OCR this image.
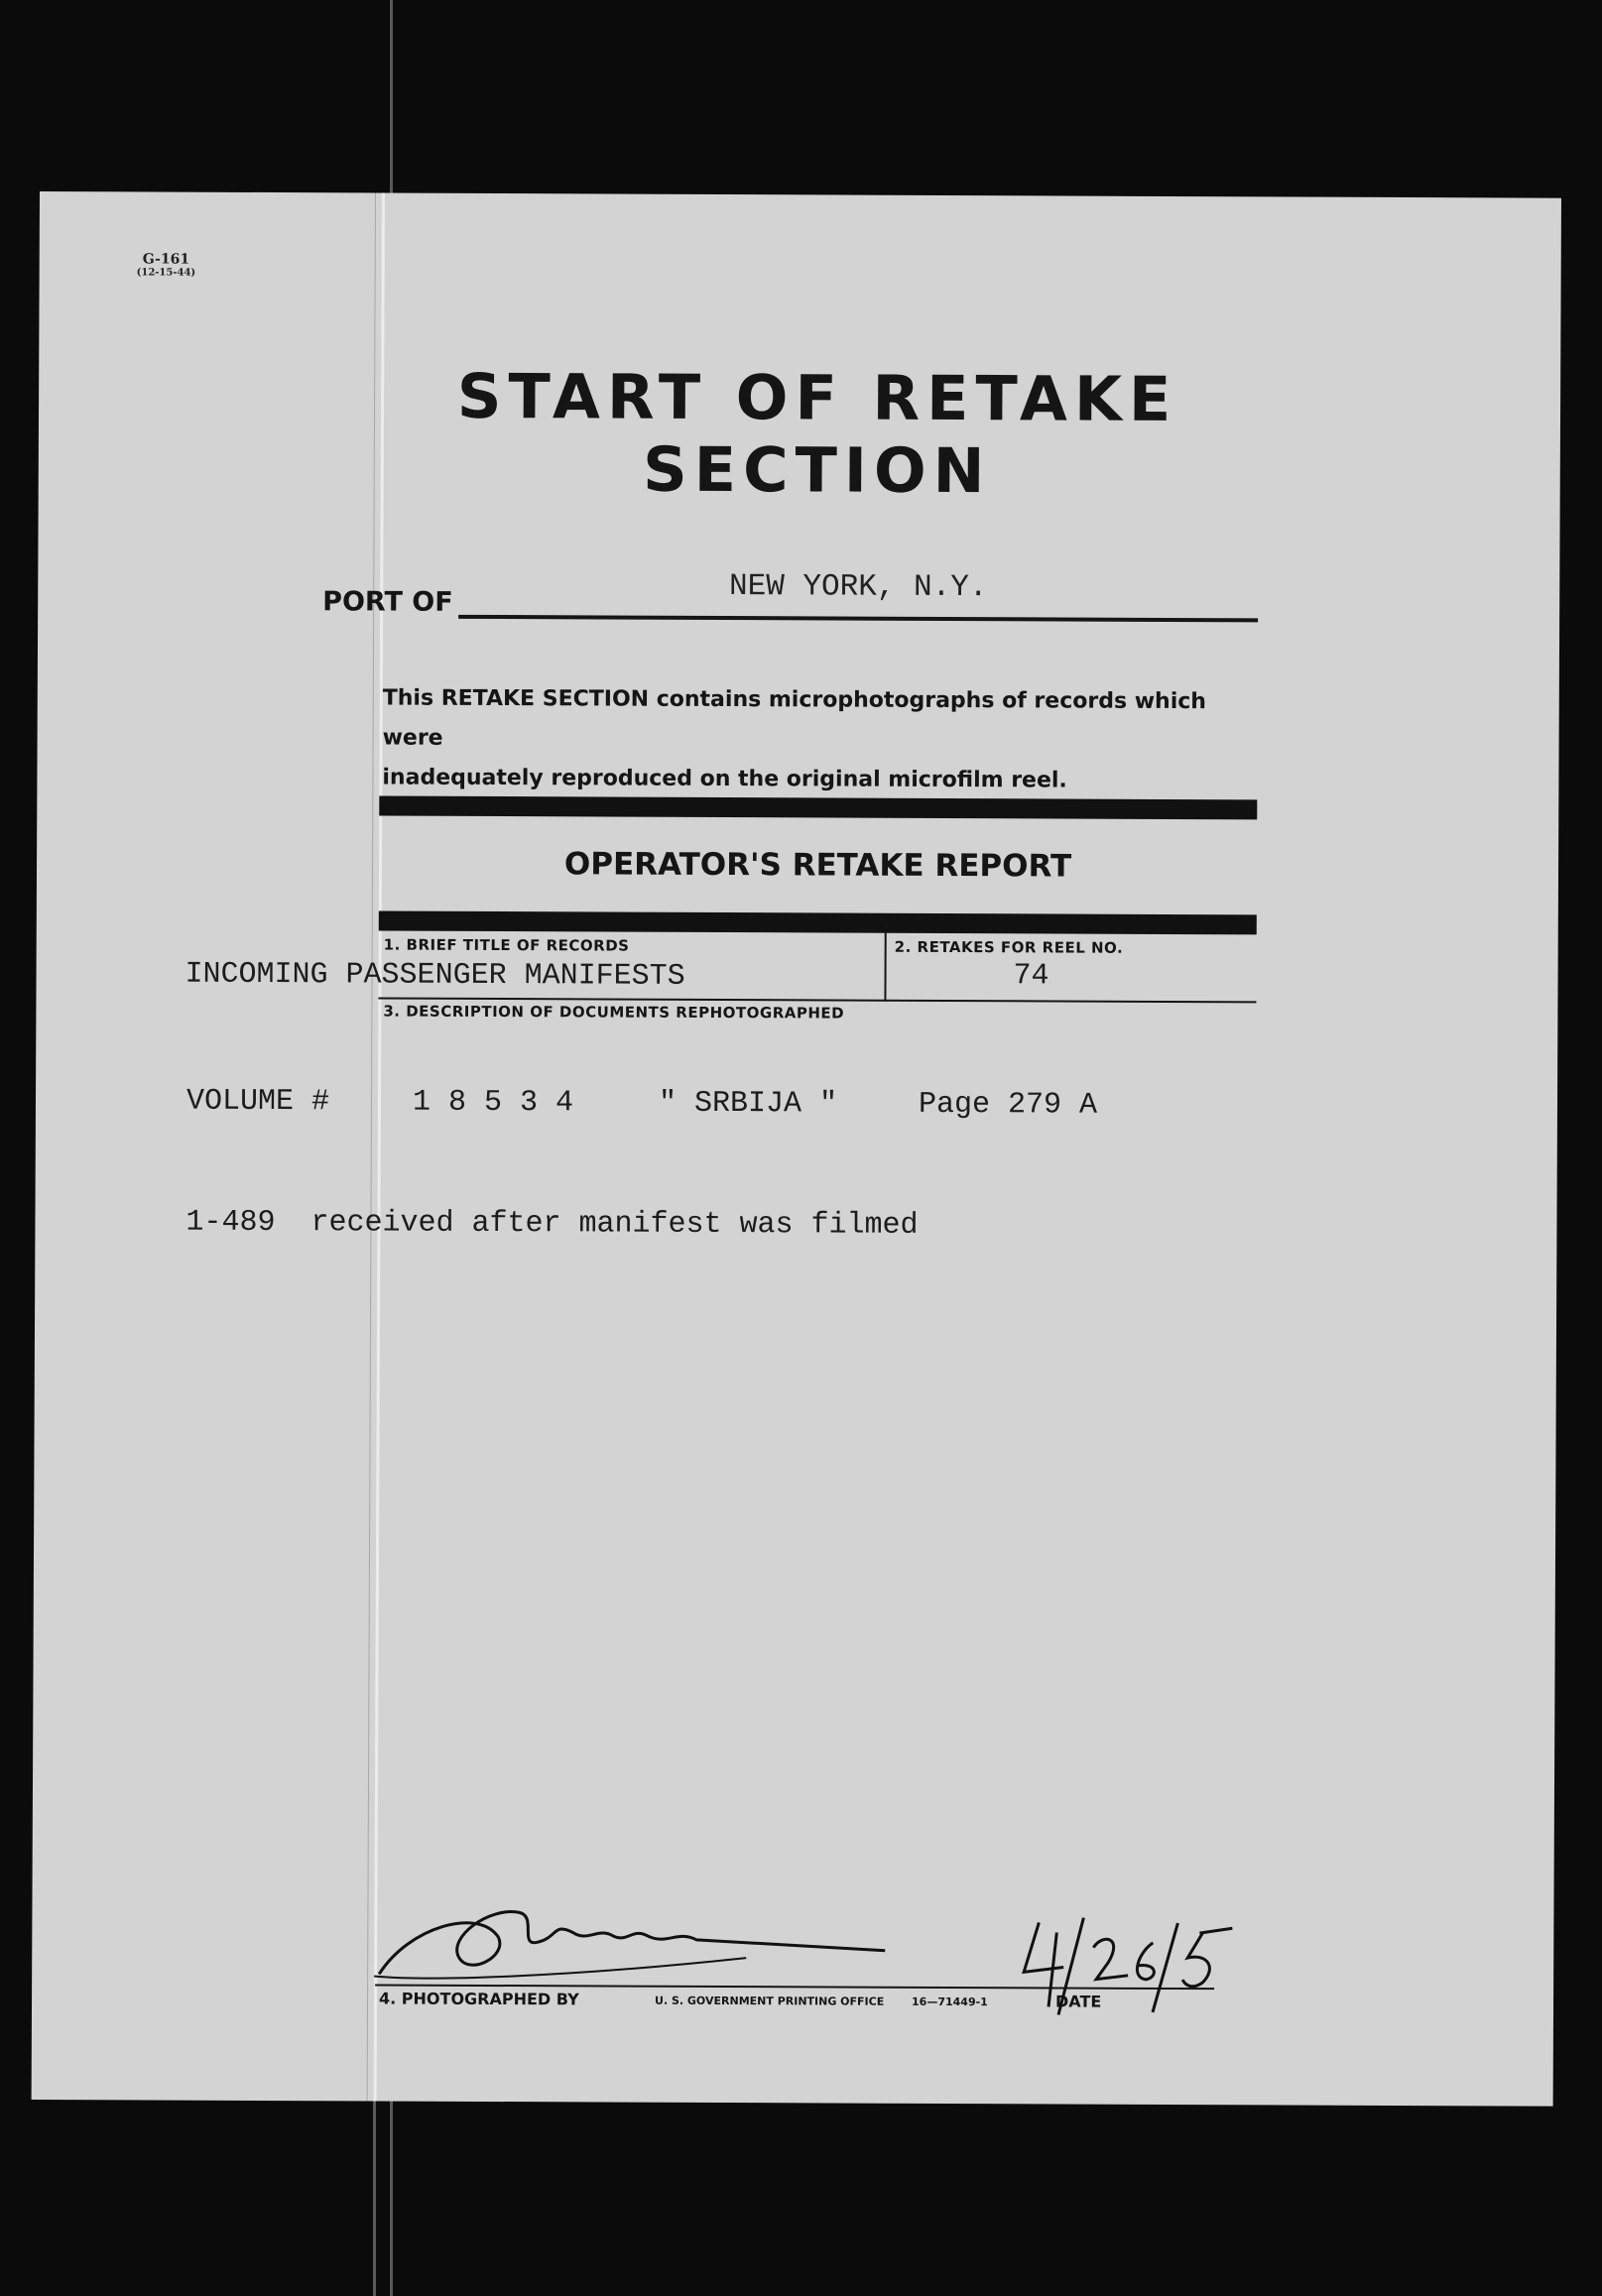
G-161
(12-15-44)
START OF RETAKE SECTION
PORT OF	NEW YORK, N.Y.
This RETAKE SECTION contains microphotographs of records which were
inadequately reproduced on the original microfilm reel.
OPERATOR'S RETAKE REPORT
1. BRIEF TITLE OF RECORDS	2. RETAKES FOR REEL NO.
INCOMING PASSENGER MANIFESTS	74
3. DESCRIPTION OF DOCUMENTS REPHOTOGRAPHED
VOLUME #	1 8 5 3 4	" SRBIJA "	Page 279 A
1-489  received after manifest was filmed
4. PHOTOGRAPHED BY	U. S. GOVERNMENT PRINTING OFFICE	16—71449-1	DATE
